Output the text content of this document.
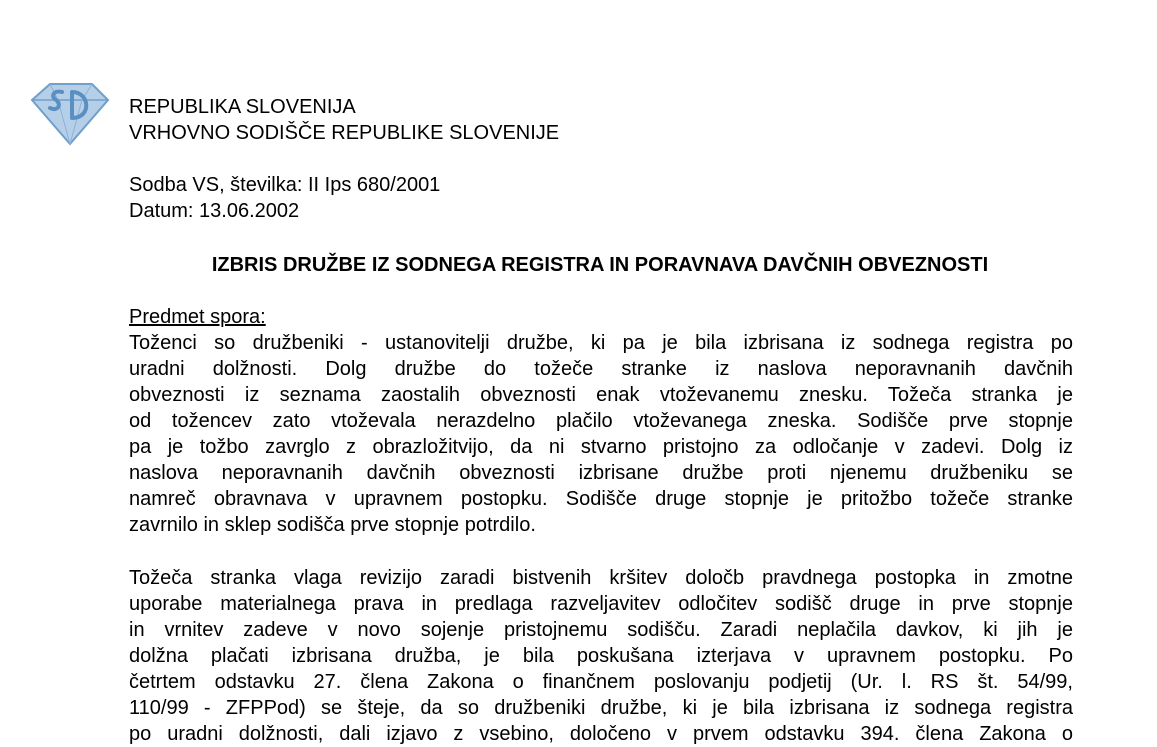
REPUBLIKA SLOVENIJA
VRHOVNO SODIŠČE REPUBLIKE SLOVENIJE
Sodba VS, številka: II Ips 680/2001
Datum: 13.06.2002
IZBRIS DRUŽBE IZ SODNEGA REGISTRA IN PORAVNAVA DAVČNIH OBVEZNOSTI
Predmet spora:
Toženci so družbeniki - ustanovitelji družbe, ki pa je bila izbrisana iz sodnega registra po
uradni dolžnosti. Dolg družbe do tožeče stranke iz naslova neporavnanih davčnih
obveznosti iz seznama zaostalih obveznosti enak vtoževanemu znesku. Tožeča stranka je
od tožencev zato vtoževala nerazdelno plačilo vtoževanega zneska. Sodišče prve stopnje
pa je tožbo zavrglo z obrazložitvijo, da ni stvarno pristojno za odločanje v zadevi. Dolg iz
naslova neporavnanih davčnih obveznosti izbrisane družbe proti njenemu družbeniku se
namreč obravnava v upravnem postopku. Sodišče druge stopnje je pritožbo tožeče stranke
zavrnilo in sklep sodišča prve stopnje potrdilo.
Tožeča stranka vlaga revizijo zaradi bistvenih kršitev določb pravdnega postopka in zmotne
uporabe materialnega prava in predlaga razveljavitev odločitev sodišč druge in prve stopnje
in vrnitev zadeve v novo sojenje pristojnemu sodišču. Zaradi neplačila davkov, ki jih je
dolžna plačati izbrisana družba, je bila poskušana izterjava v upravnem postopku. Po
četrtem odstavku 27. člena Zakona o finančnem poslovanju podjetij (Ur. l. RS št. 54/99,
110/99 - ZFPPod) se šteje, da so družbeniki družbe, ki je bila izbrisana iz sodnega registra
po uradni dolžnosti, dali izjavo z vsebino, določeno v prvem odstavku 394. člena Zakona o
